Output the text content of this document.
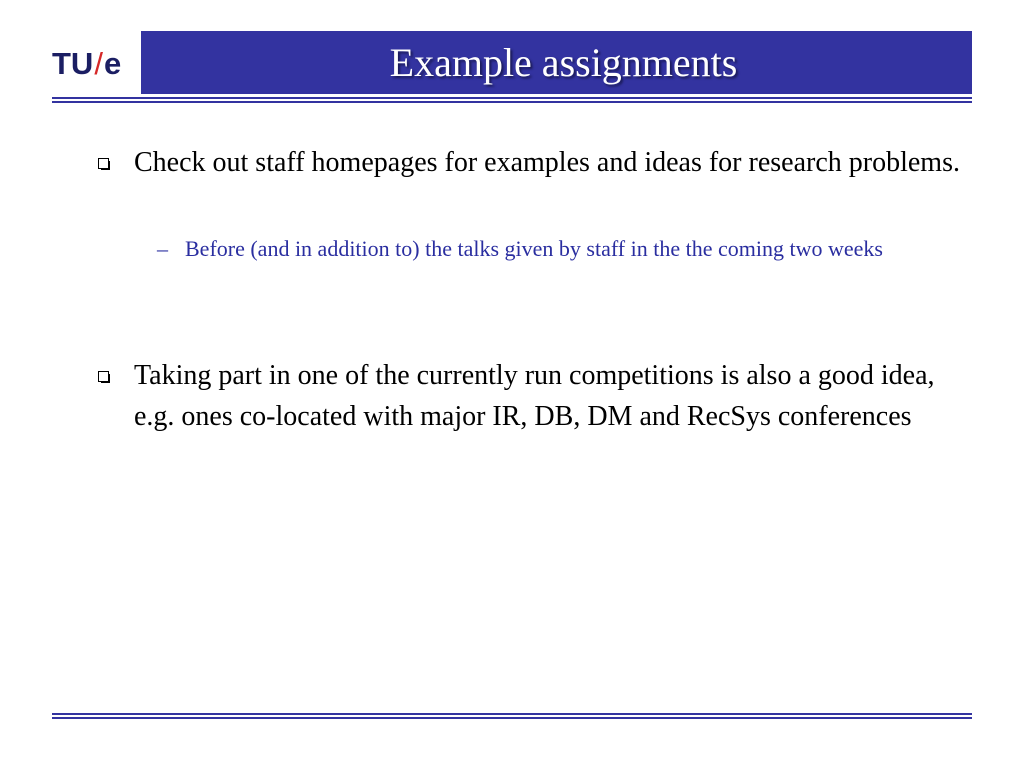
TU/e	Example assignments
Check out staff homepages for examples and ideas for research problems.
– Before (and in addition to) the talks given by staff in the the coming two weeks
Taking part in one of the currently run competitions is also a good idea, e.g. ones co-located with major IR, DB, DM and RecSys conferences
